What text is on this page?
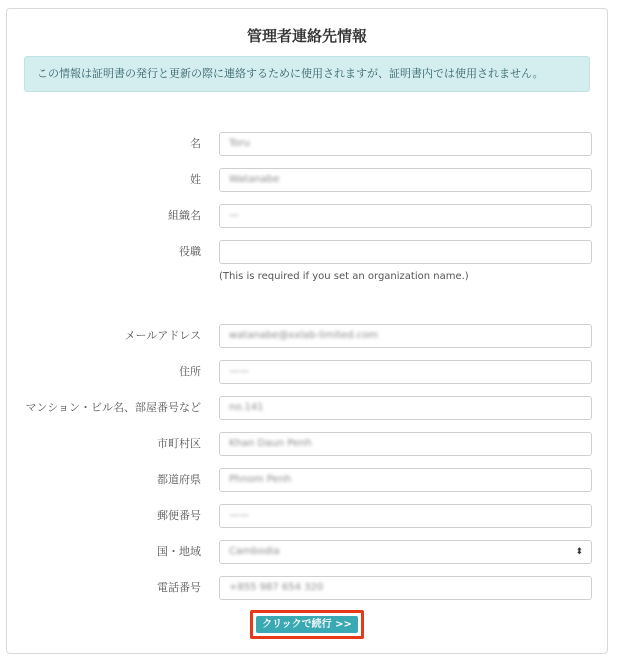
管理者連絡先情報
この情報は証明書の発行と更新の際に連絡するために使用されますが、証明書内では使用されません。
名	Toru
姓	Watanabe
組織名	—
役職
(This is required if you set an organization name.)
メールアドレス	watanabe@xxlab-limited.com
住所	——
マンション・ビル名、部屋番号など	no.141
市町村区	Khan Daun Penh
都道府県	Phnom Penh
郵便番号	——
国・地域	Cambodia	⬍
電話番号	+855 987 654 320
クリックで続行 >>
